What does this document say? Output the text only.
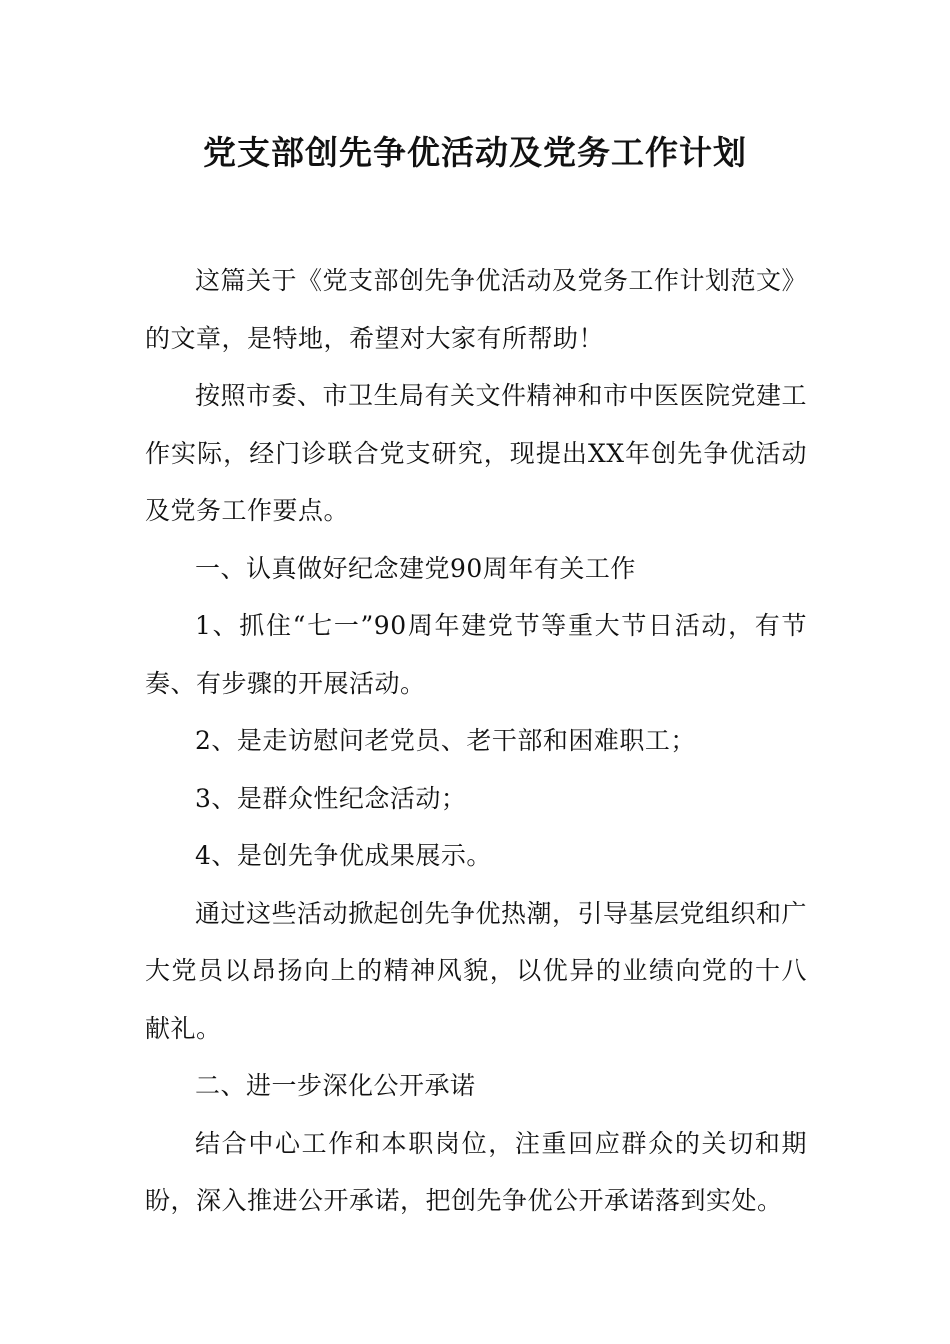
党支部创先争优活动及党务工作计划

这篇关于《党支部创先争优活动及党务工作计划范文》的文章，是特地，希望对大家有所帮助！

按照市委、市卫生局有关文件精神和市中医医院党建工作实际，经门诊联合党支研究，现提出XX年创先争优活动及党务工作要点。

一、认真做好纪念建党90周年有关工作

1、抓住“七一”90周年建党节等重大节日活动，有节奏、有步骤的开展活动。

2、是走访慰问老党员、老干部和困难职工；

3、是群众性纪念活动；

4、是创先争优成果展示。

通过这些活动掀起创先争优热潮，引导基层党组织和广大党员以昂扬向上的精神风貌，以优异的业绩向党的十八献礼。

二、进一步深化公开承诺

结合中心工作和本职岗位，注重回应群众的关切和期盼，深入推进公开承诺，把创先争优公开承诺落到实处。
